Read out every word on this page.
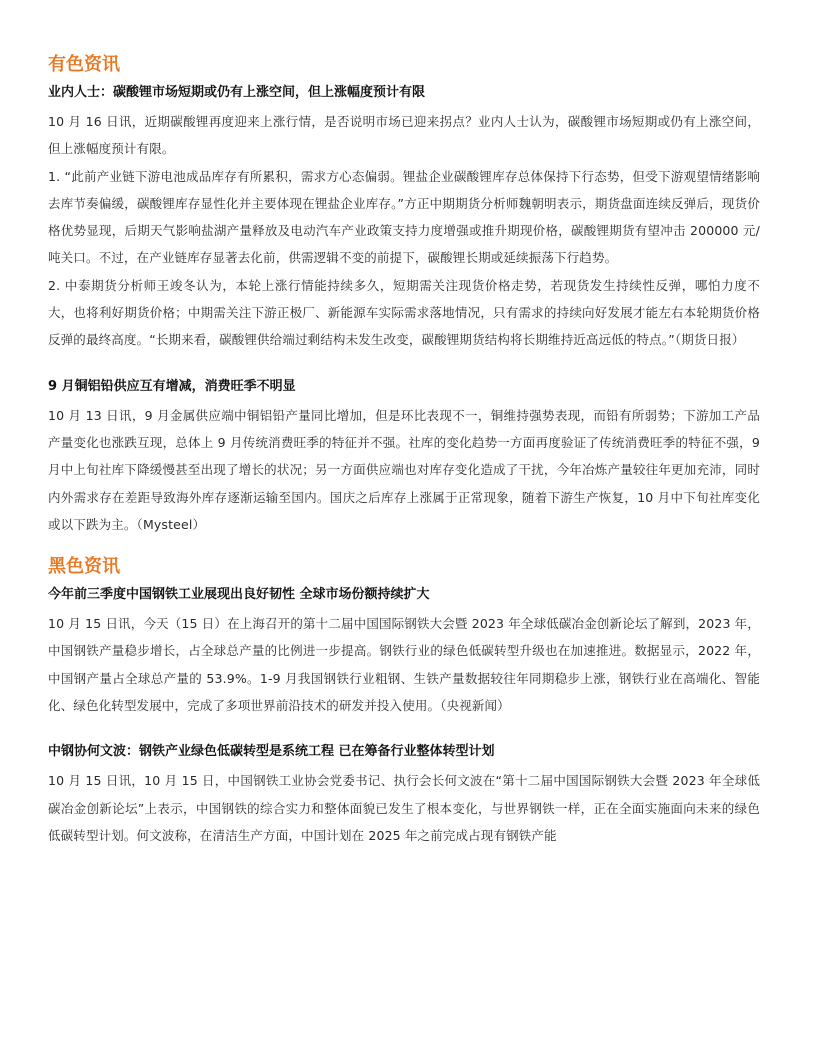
有色资讯
业内人士：碳酸锂市场短期或仍有上涨空间，但上涨幅度预计有限

10 月 16 日讯，近期碳酸锂再度迎来上涨行情，是否说明市场已迎来拐点？业内人士认为，碳酸锂市场短期或仍有上涨空间，但上涨幅度预计有限。

1. “此前产业链下游电池成品库存有所累积，需求方心态偏弱。锂盐企业碳酸锂库存总体保持下行态势，但受下游观望情绪影响去库节奏偏缓，碳酸锂库存显性化并主要体现在锂盐企业库存。”方正中期期货分析师魏朝明表示，期货盘面连续反弹后，现货价格优势显现，后期天气影响盐湖产量释放及电动汽车产业政策支持力度增强或推升期现价格，碳酸锂期货有望冲击 200000 元/吨关口。不过，在产业链库存显著去化前，供需逻辑不变的前提下，碳酸锂长期或延续振荡下行趋势。

2. 中泰期货分析师王竣冬认为，本轮上涨行情能持续多久，短期需关注现货价格走势，若现货发生持续性反弹，哪怕力度不大，也将利好期货价格；中期需关注下游正极厂、新能源车实际需求落地情况，只有需求的持续向好发展才能左右本轮期货价格反弹的最终高度。“长期来看，碳酸锂供给端过剩结构未发生改变，碳酸锂期货结构将长期维持近高远低的特点。”（期货日报）

9 月铜铝铅供应互有增减，消费旺季不明显

10 月 13 日讯，9 月金属供应端中铜铝铅产量同比增加，但是环比表现不一，铜维持强势表现，而铅有所弱势；下游加工产品产量变化也涨跌互现，总体上 9 月传统消费旺季的特征并不强。社库的变化趋势一方面再度验证了传统消费旺季的特征不强，9 月中上旬社库下降缓慢甚至出现了增长的状况；另一方面供应端也对库存变化造成了干扰，今年冶炼产量较往年更加充沛，同时内外需求存在差距导致海外库存逐渐运输至国内。国庆之后库存上涨属于正常现象，随着下游生产恢复，10 月中下旬社库变化或以下跌为主。（Mysteel）

黑色资讯
今年前三季度中国钢铁工业展现出良好韧性 全球市场份额持续扩大

10 月 15 日讯，今天（15 日）在上海召开的第十二届中国国际钢铁大会暨 2023 年全球低碳冶金创新论坛了解到，2023 年，中国钢铁产量稳步增长，占全球总产量的比例进一步提高。钢铁行业的绿色低碳转型升级也在加速推进。数据显示，2022 年，中国钢产量占全球总产量的 53.9%。1-9 月我国钢铁行业粗钢、生铁产量数据较往年同期稳步上涨，钢铁行业在高端化、智能化、绿色化转型发展中，完成了多项世界前沿技术的研发并投入使用。（央视新闻）

中钢协何文波：钢铁产业绿色低碳转型是系统工程 已在筹备行业整体转型计划

10 月 15 日讯，10 月 15 日，中国钢铁工业协会党委书记、执行会长何文波在“第十二届中国国际钢铁大会暨 2023 年全球低碳冶金创新论坛”上表示，中国钢铁的综合实力和整体面貌已发生了根本变化，与世界钢铁一样，正在全面实施面向未来的绿色低碳转型计划。何文波称，在清洁生产方面，中国计划在 2025 年之前完成占现有钢铁产能
